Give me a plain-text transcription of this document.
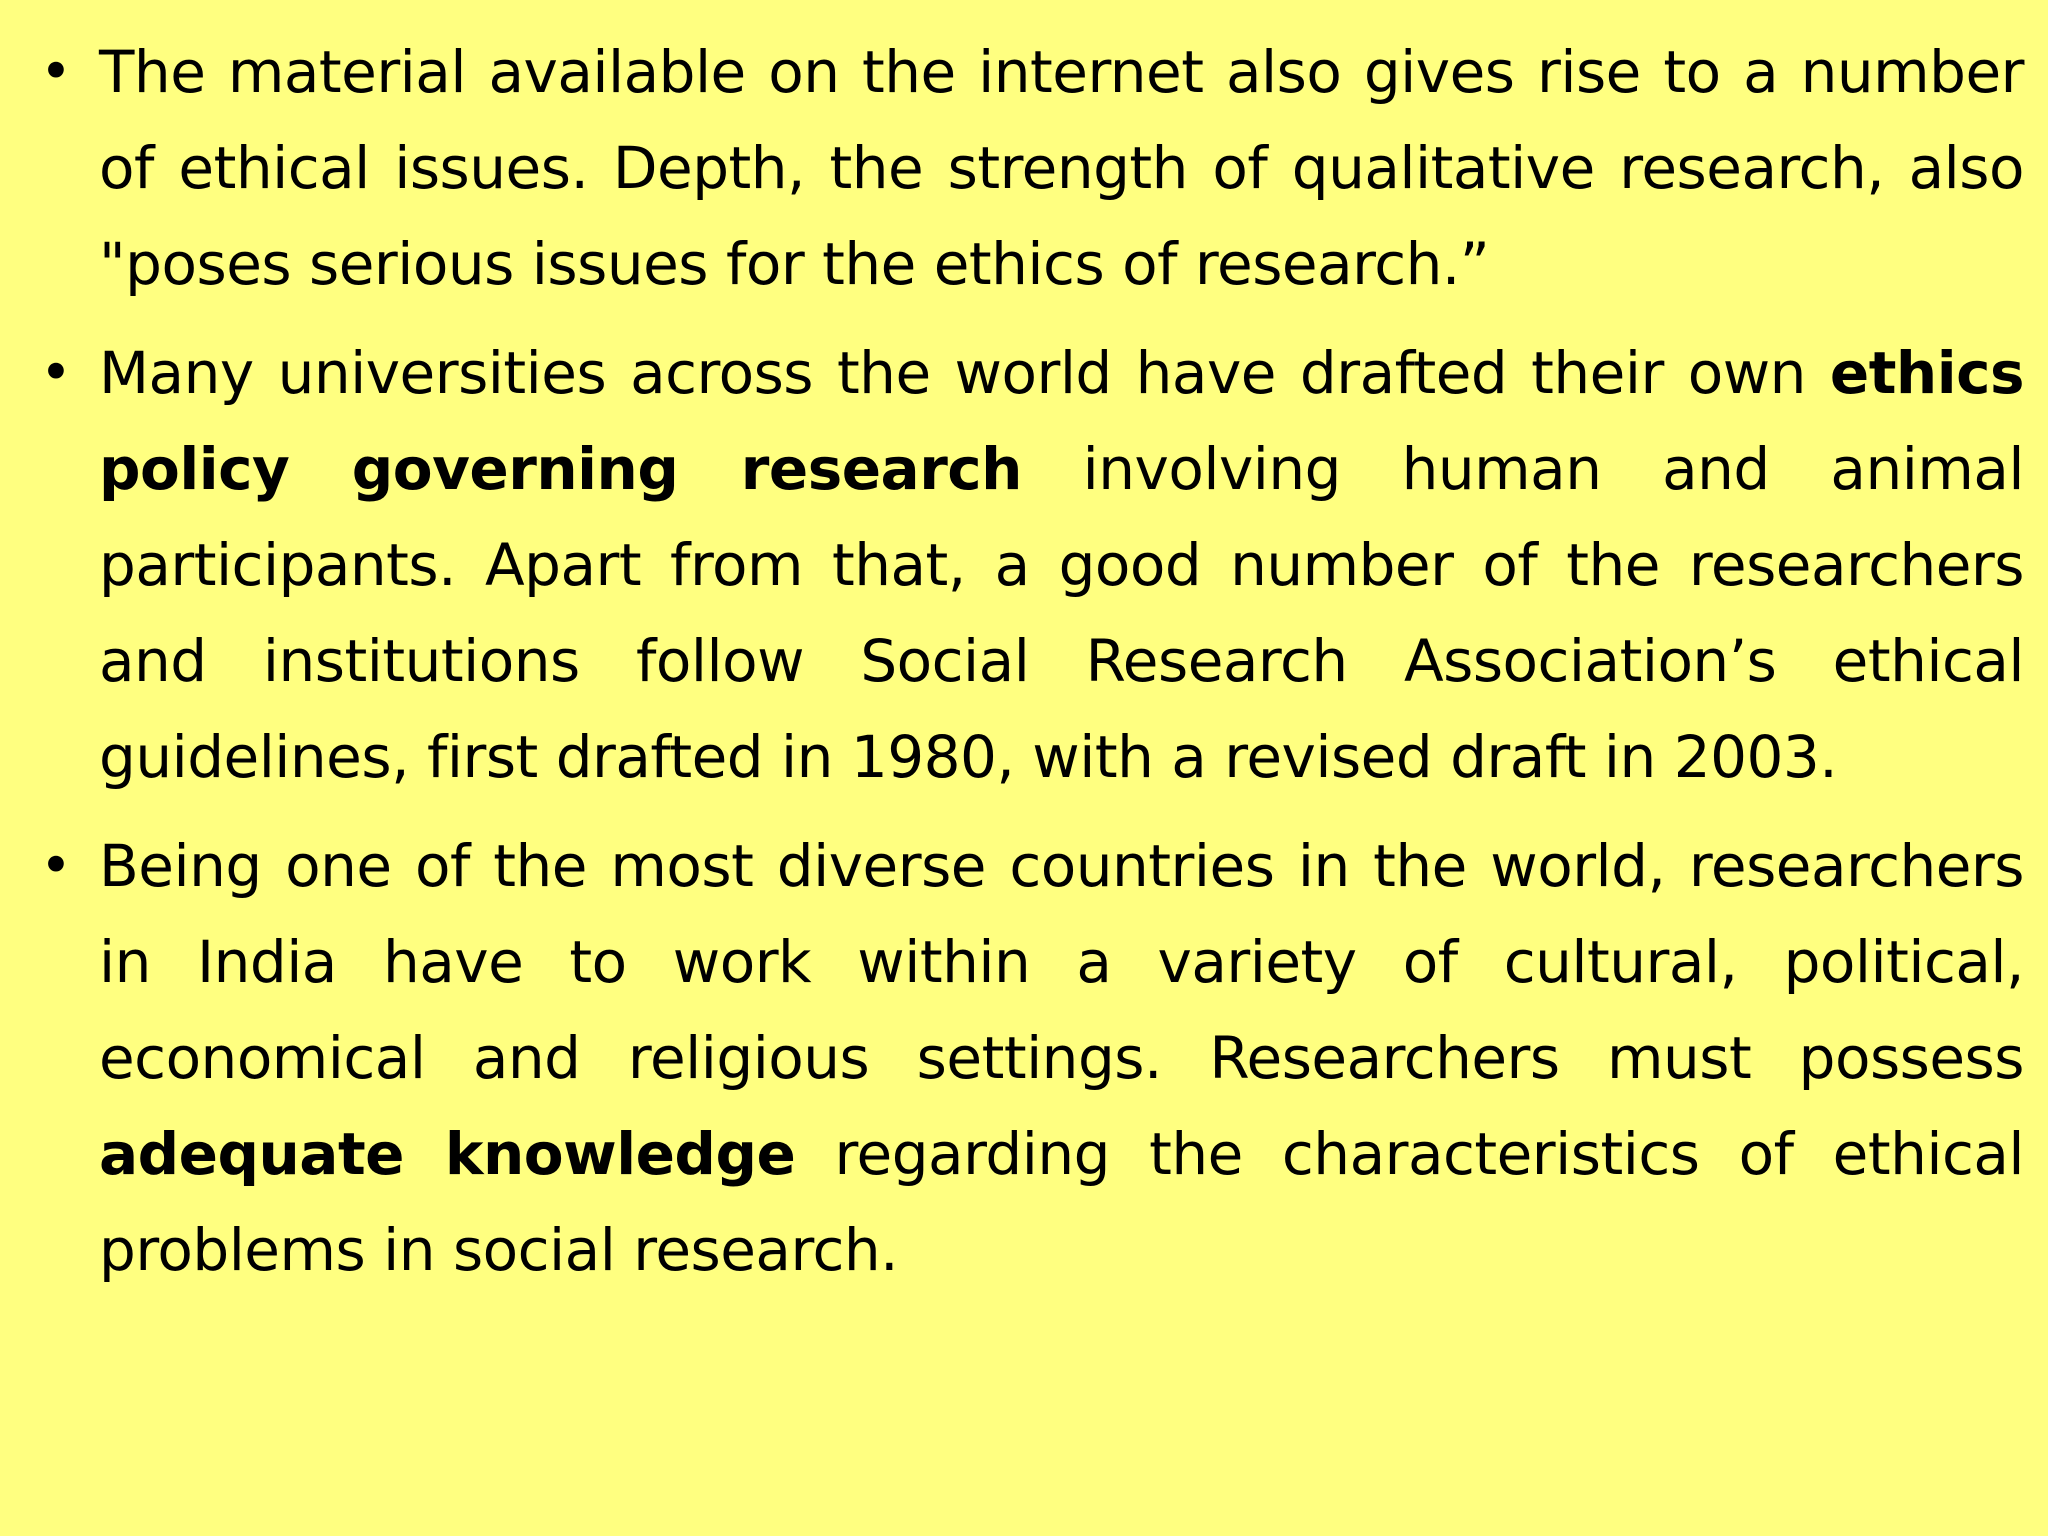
• The material available on the internet also gives rise to a number of ethical issues. Depth, the strength of qualitative research, also "poses serious issues for the ethics of research.”
• Many universities across the world have drafted their own ethics policy governing research involving human and animal participants. Apart from that, a good number of the researchers and institutions follow Social Research Association’s ethical guidelines, first drafted in 1980, with a revised draft in 2003.
• Being one of the most diverse countries in the world, researchers in India have to work within a variety of cultural, political, economical and religious settings. Researchers must possess adequate knowledge regarding the characteristics of ethical problems in social research.
